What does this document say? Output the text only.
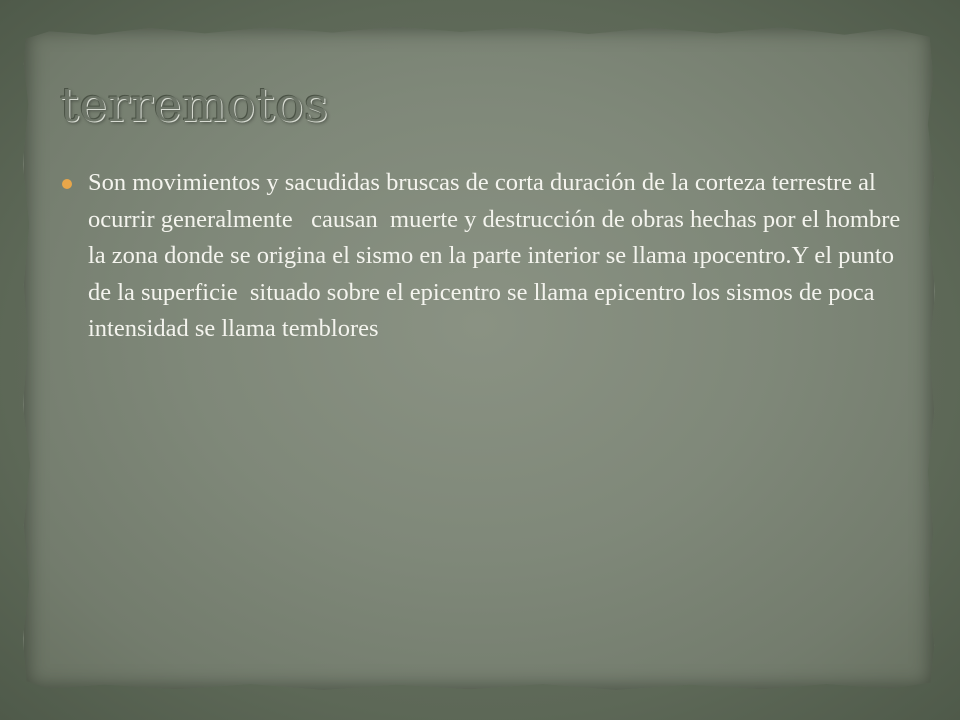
terremotos
Son movimientos y sacudidas bruscas de corta duración de la corteza terrestre al  ocurrir generalmente   causan  muerte y destrucción de obras hechas por el hombre la zona donde se origina el sismo en la parte interior se llama ıpocentro.Y el punto de la superficie  situado sobre el epicentro se llama epicentro los sismos de poca intensidad se llama temblores
